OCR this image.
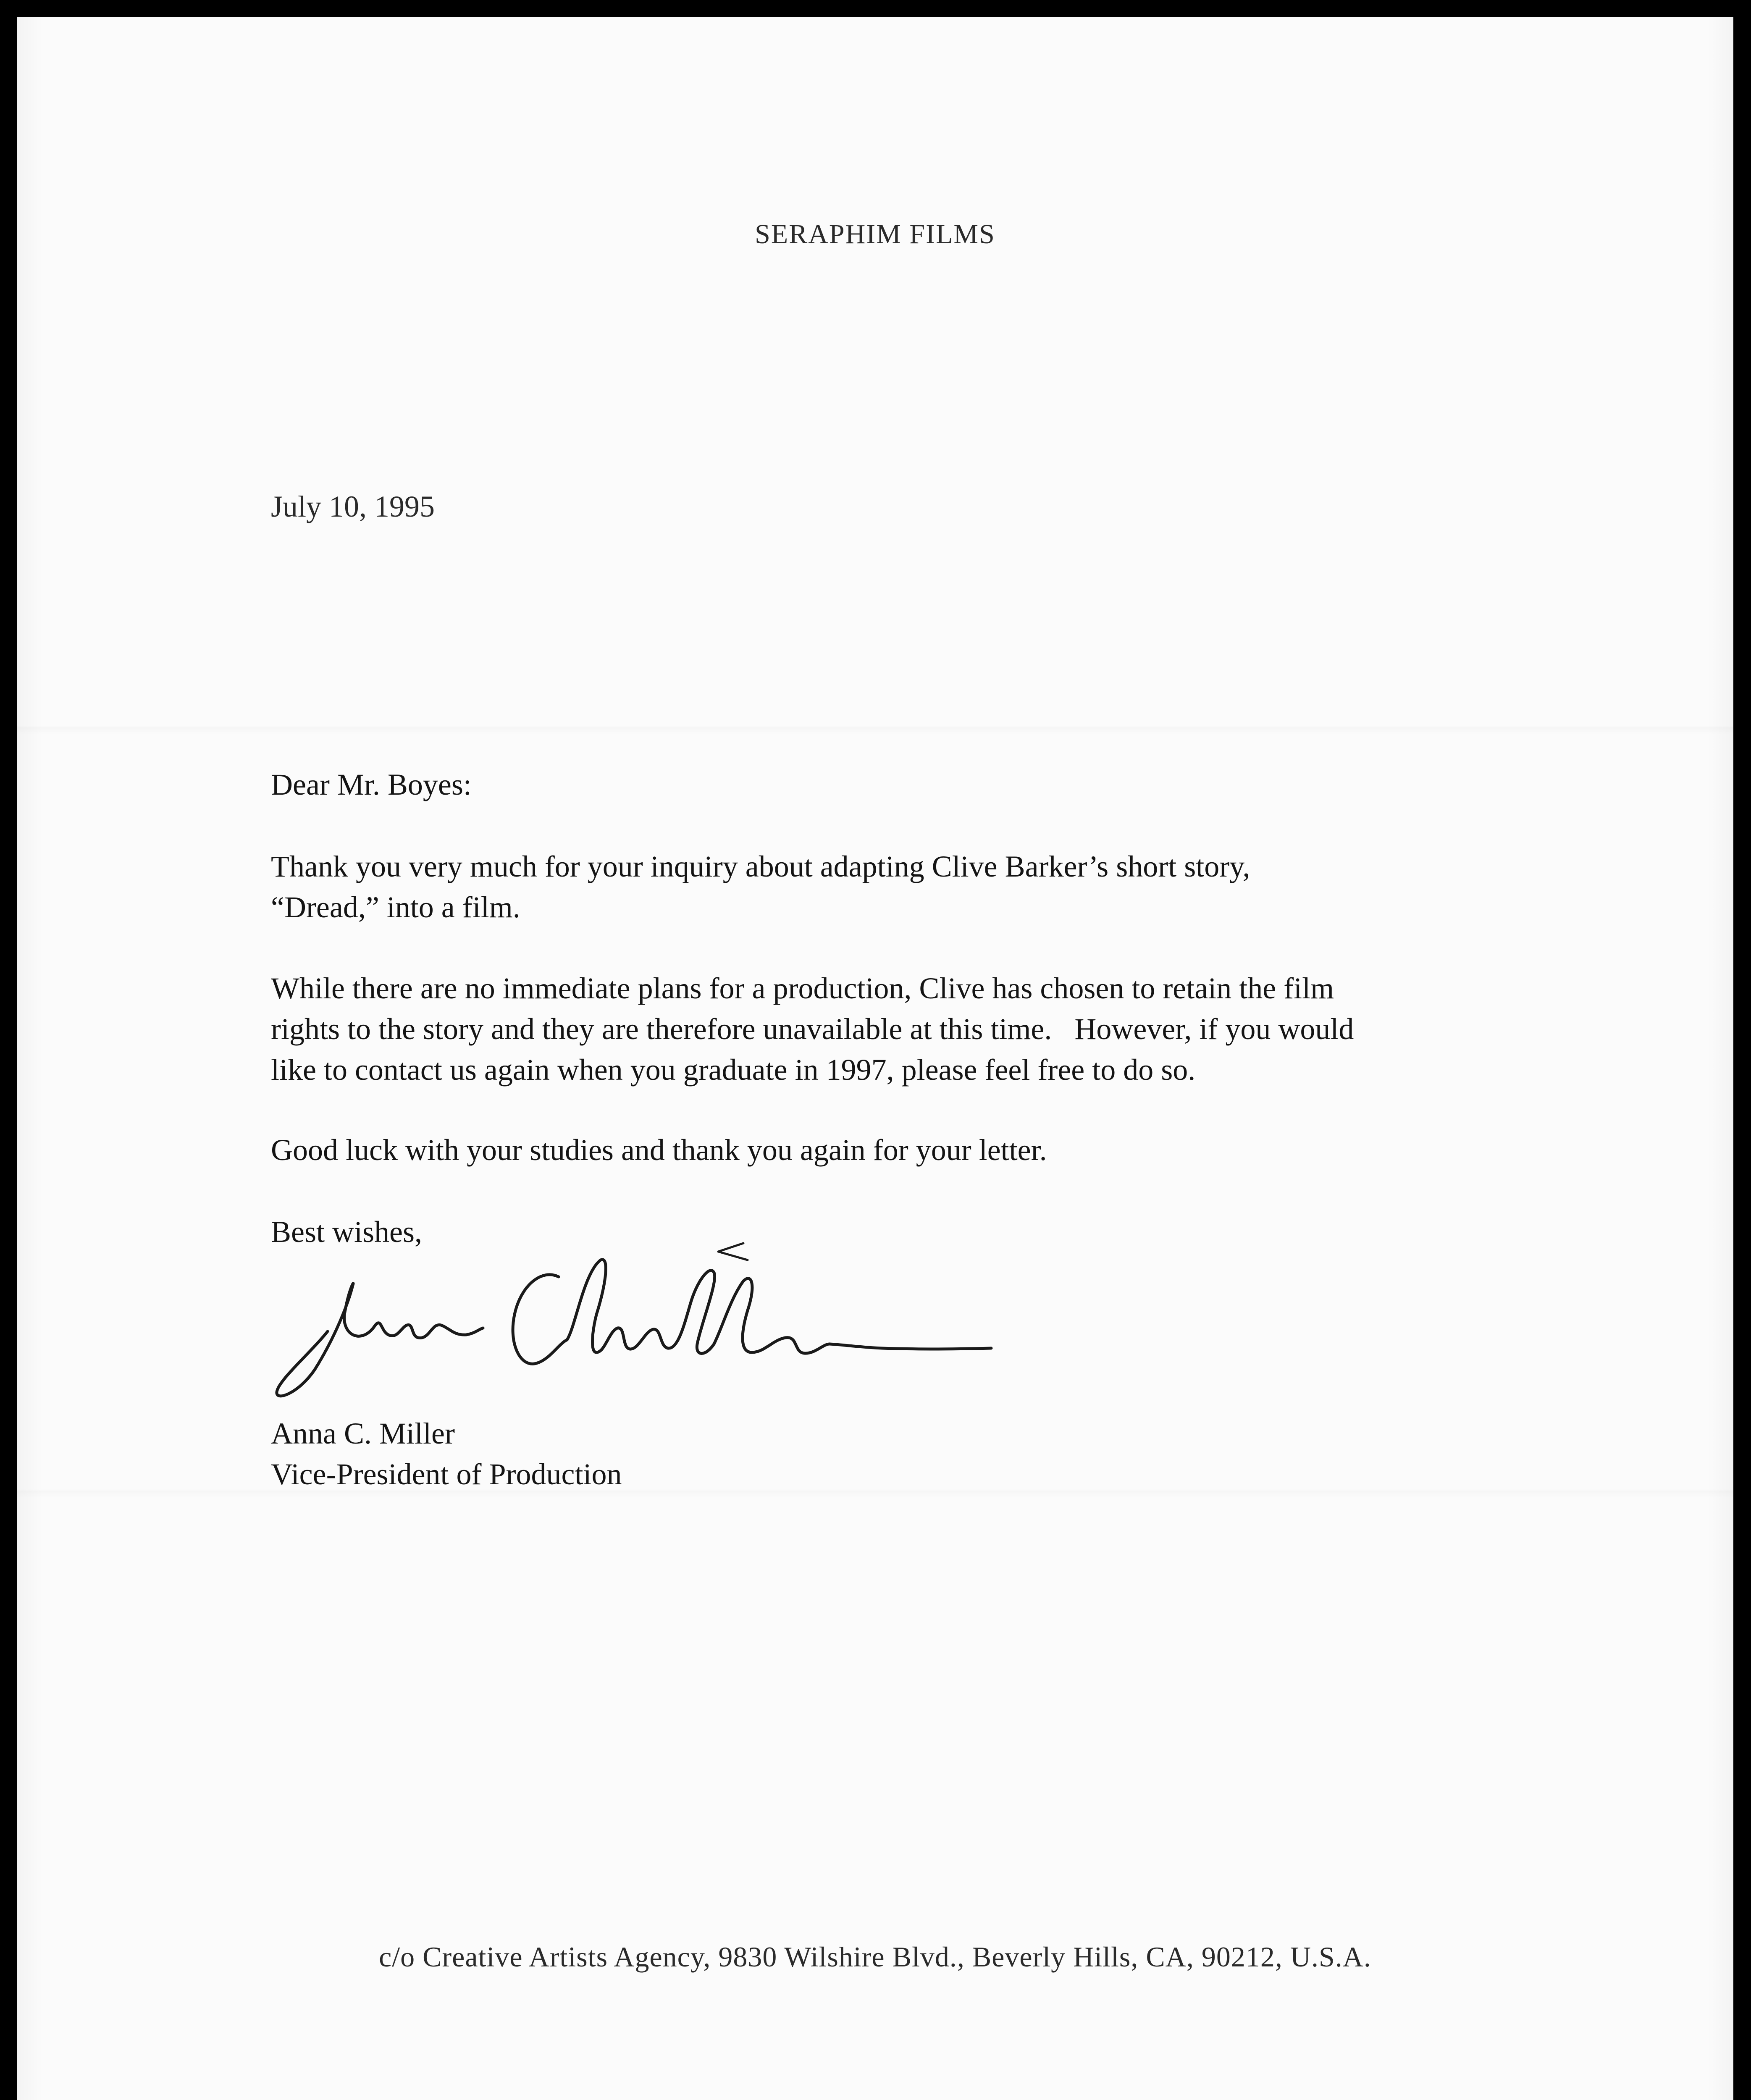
SERAPHIM FILMS
July 10, 1995
Dear Mr. Boyes:

Thank you very much for your inquiry about adapting Clive Barker’s short story,

“Dread,” into a film.

While there are no immediate plans for a production, Clive has chosen to retain the film

rights to the story and they are therefore unavailable at this time.   However, if you would

like to contact us again when you graduate in 1997, please feel free to do so.

Good luck with your studies and thank you again for your letter.

Best wishes,
Anna C. Miller
Vice-President of Production
c/o Creative Artists Agency, 9830 Wilshire Blvd., Beverly Hills, CA, 90212, U.S.A.
